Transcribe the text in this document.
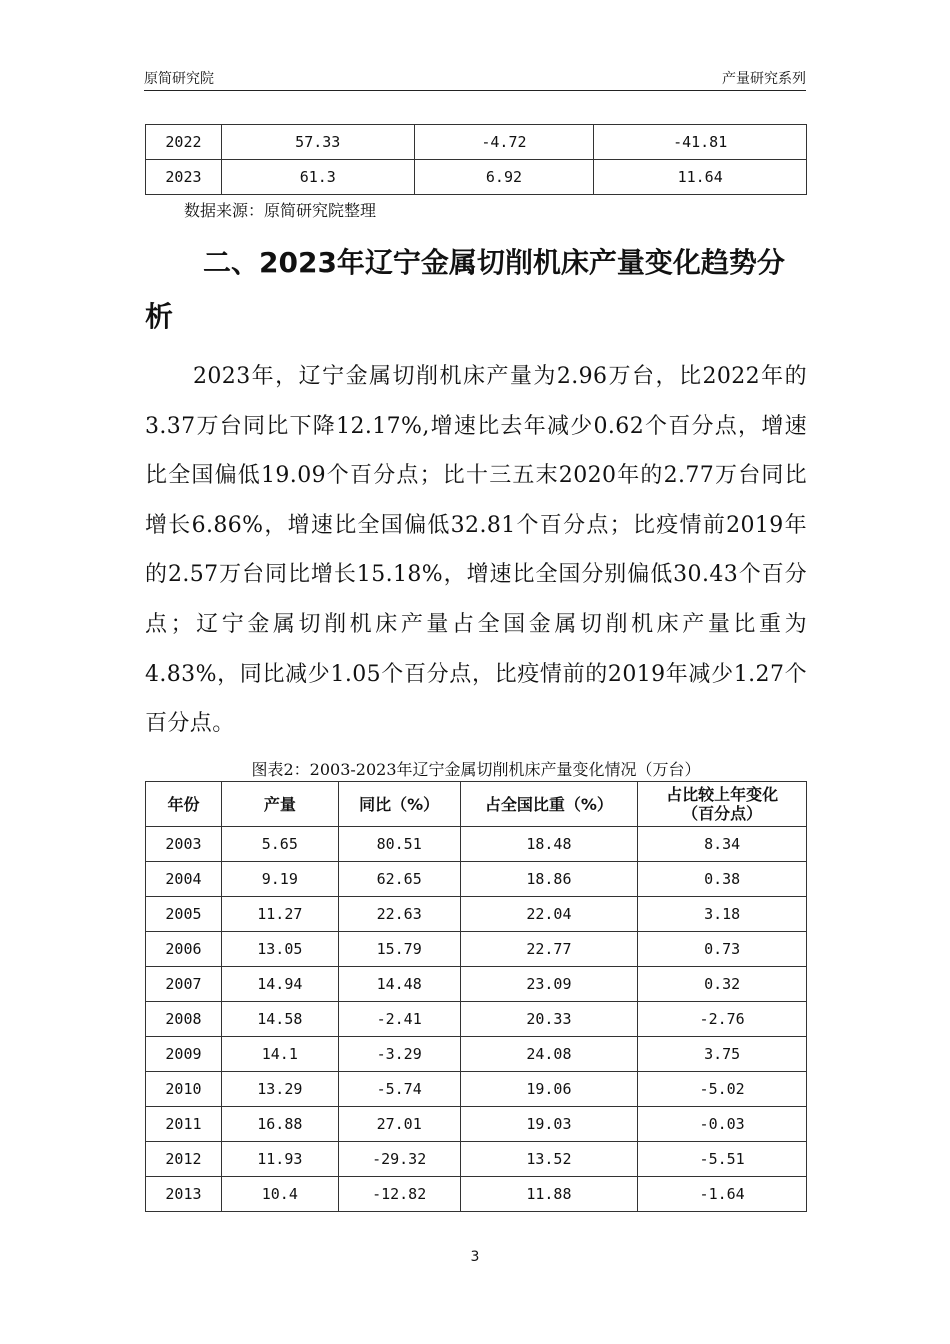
原简研究院	产量研究系列
2022	57.33	-4.72	-41.81
2023	61.3	6.92	11.64
数据来源：原简研究院整理
二、2023年辽宁金属切削机床产量变化趋势分析
2023年，辽宁金属切削机床产量为2.96万台，比2022年的3.37万台同比下降12.17%,增速比去年减少0.62个百分点，增速比全国偏低19.09个百分点；比十三五末2020年的2.77万台同比增长6.86%，增速比全国偏低32.81个百分点；比疫情前2019年的2.57万台同比增长15.18%，增速比全国分别偏低30.43个百分点；辽宁金属切削机床产量占全国金属切削机床产量比重为4.83%，同比减少1.05个百分点，比疫情前的2019年减少1.27个百分点。
图表2：2003-2023年辽宁金属切削机床产量变化情况（万台）
年份	产量	同比（%）	占全国比重（%）	占比较上年变化
（百分点）

2003	5.65	80.51	18.48	8.34
2004	9.19	62.65	18.86	0.38
2005	11.27	22.63	22.04	3.18
2006	13.05	15.79	22.77	0.73
2007	14.94	14.48	23.09	0.32
2008	14.58	-2.41	20.33	-2.76
2009	14.1	-3.29	24.08	3.75
2010	13.29	-5.74	19.06	-5.02
2011	16.88	27.01	19.03	-0.03
2012	11.93	-29.32	13.52	-5.51
2013	10.4	-12.82	11.88	-1.64
3
